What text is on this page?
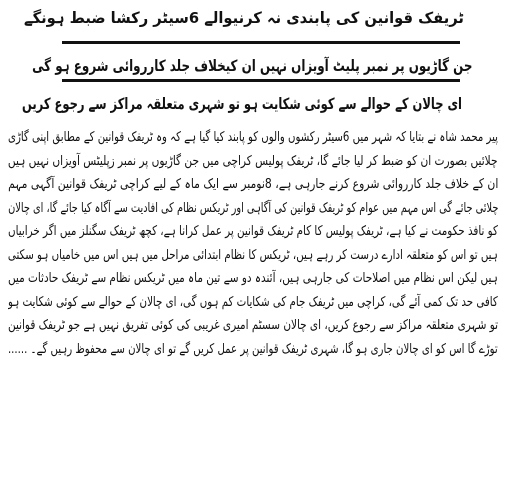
ٹریفک قوانین کی پابندی نہ کرنیوالے 6سیٹر رکشا ضبط ہونگے
جن گاڑیوں پر نمبر پلیٹ آویزاں نہیں ان کیخلاف جلد کارروائی شروع ہو گی
ای چالان کے حوالے سے کوئی شکایت ہو تو شہری متعلقہ مراکز سے رجوع کریں
پیر محمد شاہ نے بتایا کہ شہر میں 6سیٹر رکشوں والوں کو پابند کیا گیا ہے کہ وہ ٹریفک قوانین کے مطابق اپنی گاڑی
چلائیں بصورت ان کو ضبط کر لیا جائے گا، ٹریفک پولیس کراچی میں جن گاڑیوں پر نمبر زپلیٹس آویزاں نہیں ہیں
ان کے خلاف جلد کارروائی شروع کرنے جارہی ہے، 8نومبر سے ایک ماہ کے لیے کراچی ٹریفک قوانین آگہی مہم
چلائی جائے گی اس مہم میں عوام کو ٹریفک قوانین کی آگاہی اور ٹریکس نظام کی افادیت سے آگاہ کیا جائے گا، ای چالان
کو نافذ حکومت نے کیا ہے، ٹریفک پولیس کا کام ٹریفک قوانین پر عمل کرانا ہے، کچھ ٹریفک سگنلز میں اگر خرابیاں
ہیں تو اس کو متعلقہ ادارے درست کر رہے ہیں، ٹریکس کا نظام ابتدائی مراحل میں ہیں اس میں خامیاں ہو سکتی
ہیں لیکن اس نظام میں اصلاحات کی جارہی ہیں، آئندہ دو سے تین ماہ میں ٹریکس نظام سے ٹریفک حادثات میں
کافی حد تک کمی آئے گی، کراچی میں ٹریفک جام کی شکایات کم ہوں گی، ای چالان کے حوالے سے کوئی شکایت ہو
تو شہری متعلقہ مراکز سے رجوع کریں، ای چالان سسٹم امیری غریبی کی کوئی تفریق نہیں ہے جو ٹریفک قوانین
توڑے گا اس کو ای چالان جاری ہو گا، شہری ٹریفک قوانین پر عمل کریں گے تو ای چالان سے محفوظ رہیں گے۔ ......
